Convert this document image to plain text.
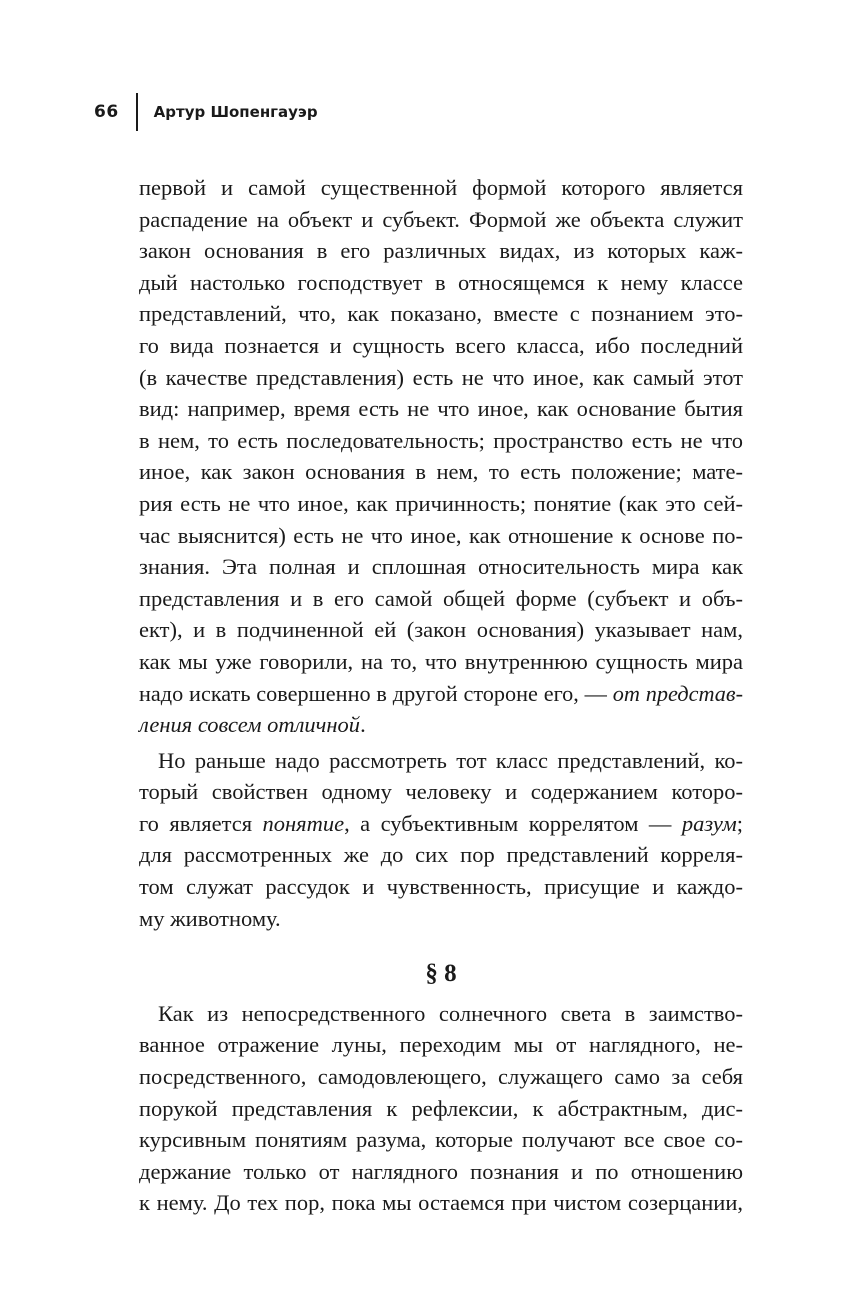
66 Артур Шопенгауэр
первой и самой существенной формой которого является
распадение на объект и субъект. Формой же объекта служит
закон основания в его различных видах, из которых каж-
дый настолько господствует в относящемся к нему классе
представлений, что, как показано, вместе с познанием это-
го вида познается и сущность всего класса, ибо последний
(в качестве представления) есть не что иное, как самый этот
вид: например, время есть не что иное, как основание бытия
в нем, то есть последовательность; пространство есть не что
иное, как закон основания в нем, то есть положение; мате-
рия есть не что иное, как причинность; понятие (как это сей-
час выяснится) есть не что иное, как отношение к основе по-
знания. Эта полная и сплошная относительность мира как
представления и в его самой общей форме (субъект и объ-
ект), и в подчиненной ей (закон основания) указывает нам,
как мы уже говорили, на то, что внутреннюю сущность мира
надо искать совершенно в другой стороне его, — от представ-
ления совсем отличной.
Но раньше надо рассмотреть тот класс представлений, ко-
торый свойствен одному человеку и содержанием которо-
го является понятие, а субъективным коррелятом — разум;
для рассмотренных же до сих пор представлений корреля-
том служат рассудок и чувственность, присущие и каждо-
му животному.
§ 8
Как из непосредственного солнечного света в заимство-
ванное отражение луны, переходим мы от наглядного, не-
посредственного, самодовлеющего, служащего само за себя
порукой представления к рефлексии, к абстрактным, дис-
курсивным понятиям разума, которые получают все свое со-
держание только от наглядного познания и по отношению
к нему. До тех пор, пока мы остаемся при чистом созерцании,
